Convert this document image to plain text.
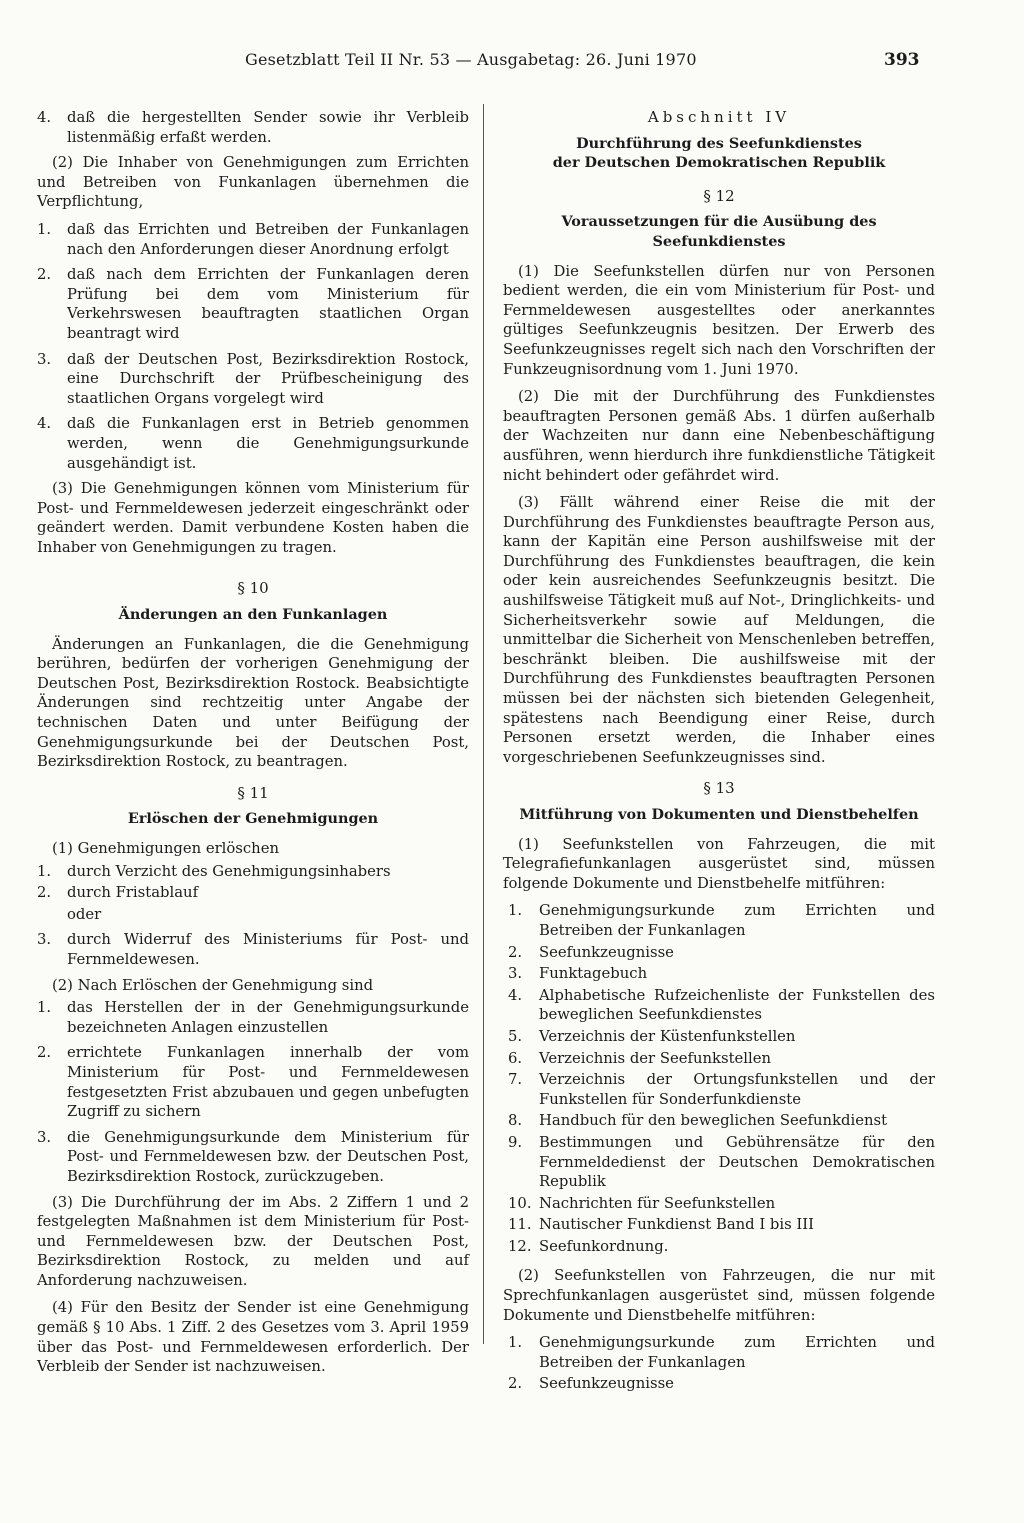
Gesetzblatt Teil II Nr. 53 — Ausgabetag: 26. Juni 1970	393
4.	daß die hergestellten Sender sowie ihr Verbleib listenmäßig erfaßt werden.

(2) Die Inhaber von Genehmigungen zum Errichten und Betreiben von Funkanlagen übernehmen die Verpflichtung,

1.	daß das Errichten und Betreiben der Funkanlagen nach den Anforderungen dieser Anordnung erfolgt
2.	daß nach dem Errichten der Funkanlagen deren Prüfung bei dem vom Ministerium für Verkehrswesen beauftragten staatlichen Organ beantragt wird
3.	daß der Deutschen Post, Bezirksdirektion Rostock, eine Durchschrift der Prüfbescheinigung des staatlichen Organs vorgelegt wird
4.	daß die Funkanlagen erst in Betrieb genommen werden, wenn die Genehmigungsurkunde ausgehändigt ist.

(3) Die Genehmigungen können vom Ministerium für Post- und Fernmeldewesen jederzeit eingeschränkt oder geändert werden. Damit verbundene Kosten haben die Inhaber von Genehmigungen zu tragen.

§ 10
Änderungen an den Funkanlagen

Änderungen an Funkanlagen, die die Genehmigung berühren, bedürfen der vorherigen Genehmigung der Deutschen Post, Bezirksdirektion Rostock. Beabsichtigte Änderungen sind rechtzeitig unter Angabe der technischen Daten und unter Beifügung der Genehmigungsurkunde bei der Deutschen Post, Bezirksdirektion Rostock, zu beantragen.

§ 11
Erlöschen der Genehmigungen
(1) Genehmigungen erlöschen
1.	durch Verzicht des Genehmigungsinhabers
2.	durch Fristablauf
oder
3.	durch Widerruf des Ministeriums für Post- und Fernmeldewesen.
(2) Nach Erlöschen der Genehmigung sind
1.	das Herstellen der in der Genehmigungsurkunde bezeichneten Anlagen einzustellen
2.	errichtete Funkanlagen innerhalb der vom Ministerium für Post- und Fernmeldewesen festgesetzten Frist abzubauen und gegen unbefugten Zugriff zu sichern
3.	die Genehmigungsurkunde dem Ministerium für Post- und Fernmeldewesen bzw. der Deutschen Post, Bezirksdirektion Rostock, zurückzugeben.

(3) Die Durchführung der im Abs. 2 Ziffern 1 und 2 festgelegten Maßnahmen ist dem Ministerium für Post- und Fernmeldewesen bzw. der Deutschen Post, Bezirksdirektion Rostock, zu melden und auf Anforderung nachzuweisen.

(4) Für den Besitz der Sender ist eine Genehmigung gemäß § 10 Abs. 1 Ziff. 2 des Gesetzes vom 3. April 1959 über das Post- und Fernmeldewesen erforderlich. Der Verbleib der Sender ist nachzuweisen.

Abschnitt IV
Durchführung des Seefunkdienstes
der Deutschen Demokratischen Republik
§ 12
Voraussetzungen für die Ausübung des Seefunkdienstes

(1) Die Seefunkstellen dürfen nur von Personen bedient werden, die ein vom Ministerium für Post- und Fernmeldewesen ausgestelltes oder anerkanntes gültiges Seefunkzeugnis besitzen. Der Erwerb des Seefunkzeugnisses regelt sich nach den Vorschriften der Funkzeugnisordnung vom 1. Juni 1970.

(2) Die mit der Durchführung des Funkdienstes beauftragten Personen gemäß Abs. 1 dürfen außerhalb der Wachzeiten nur dann eine Nebenbeschäftigung ausführen, wenn hierdurch ihre funkdienstliche Tätigkeit nicht behindert oder gefährdet wird.

(3) Fällt während einer Reise die mit der Durchführung des Funkdienstes beauftragte Person aus, kann der Kapitän eine Person aushilfsweise mit der Durchführung des Funkdienstes beauftragen, die kein oder kein ausreichendes Seefunkzeugnis besitzt. Die aushilfsweise Tätigkeit muß auf Not-, Dringlichkeits- und Sicherheitsverkehr sowie auf Meldungen, die unmittelbar die Sicherheit von Menschenleben betreffen, beschränkt bleiben. Die aushilfsweise mit der Durchführung des Funkdienstes beauftragten Personen müssen bei der nächsten sich bietenden Gelegenheit, spätestens nach Beendigung einer Reise, durch Personen ersetzt werden, die Inhaber eines vorgeschriebenen Seefunkzeugnisses sind.

§ 13
Mitführung von Dokumenten und Dienstbehelfen

(1) Seefunkstellen von Fahrzeugen, die mit Telegrafiefunkanlagen ausgerüstet sind, müssen folgende Dokumente und Dienstbehelfe mitführen:

1.	Genehmigungsurkunde zum Errichten und Betreiben der Funkanlagen
2.	Seefunkzeugnisse
3.	Funktagebuch
4.	Alphabetische Rufzeichenliste der Funkstellen des beweglichen Seefunkdienstes
5.	Verzeichnis der Küstenfunkstellen
6.	Verzeichnis der Seefunkstellen
7.	Verzeichnis der Ortungsfunkstellen und der Funkstellen für Sonderfunkdienste
8.	Handbuch für den beweglichen Seefunkdienst
9.	Bestimmungen und Gebührensätze für den Fernmeldedienst der Deutschen Demokratischen Republik
10. Nachrichten für Seefunkstellen
11. Nautischer Funkdienst Band I bis III
12. Seefunkordnung.

(2) Seefunkstellen von Fahrzeugen, die nur mit Sprechfunkanlagen ausgerüstet sind, müssen folgende Dokumente und Dienstbehelfe mitführen:

1.	Genehmigungsurkunde zum Errichten und Betreiben der Funkanlagen
2.	Seefunkzeugnisse
